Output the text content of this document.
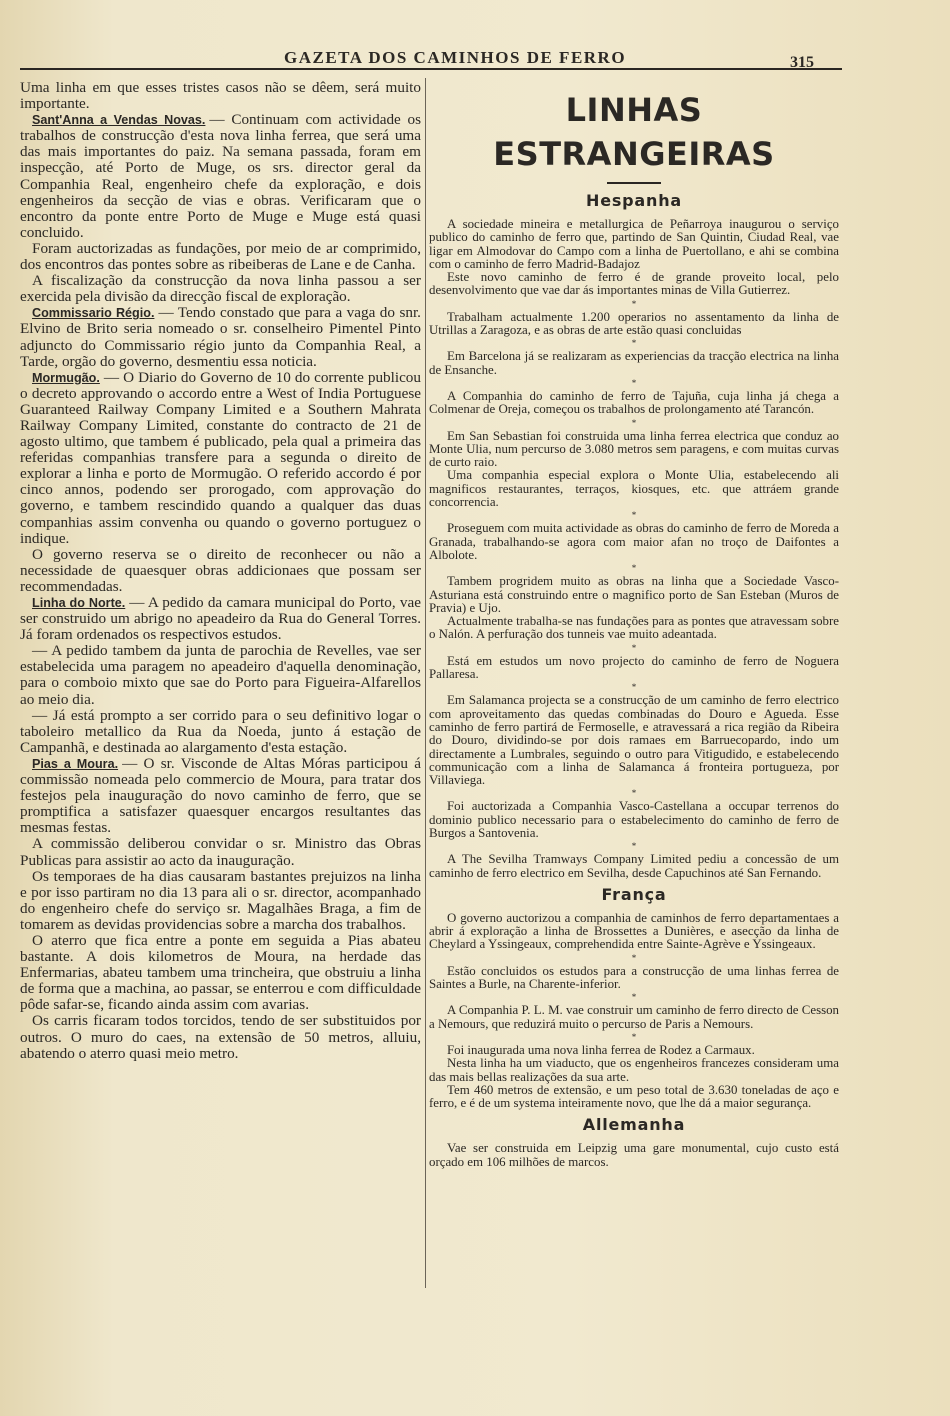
GAZETA DOS CAMINHOS DE FERRO	315

Uma linha em que esses tristes casos não se dêem, será muito importante.

Sant'Anna a Vendas Novas. — Continuam com actividade os trabalhos de construcção d'esta nova linha ferrea, que será uma das mais importantes do paiz. Na semana passada, foram em inspecção, até Porto de Muge, os srs. director geral da Companhia Real, engenheiro chefe da exploração, e dois engenheiros da secção de vias e obras. Verificaram que o encontro da ponte entre Porto de Muge e Muge está quasi concluido.

Foram auctorizadas as fundações, por meio de ar comprimido, dos encontros das pontes sobre as ribeiberas de Lane e de Canha.

A fiscalização da construcção da nova linha passou a ser exercida pela divisão da direcção fiscal de exploração.

Commissario Régio. — Tendo constado que para a vaga do snr. Elvino de Brito seria nomeado o sr. conselheiro Pimentel Pinto adjuncto do Commissario régio junto da Companhia Real, a Tarde, orgão do governo, desmentiu essa noticia.

Mormugão. — O Diario do Governo de 10 do corrente publicou o decreto approvando o accordo entre a West of India Portuguese Guaranteed Railway Company Limited e a Southern Mahrata Railway Company Limited, constante do contracto de 21 de agosto ultimo, que tambem é publicado, pela qual a primeira das referidas companhias transfere para a segunda o direito de explorar a linha e porto de Mormugão. O referido accordo é por cinco annos, podendo ser prorogado, com approvação do governo, e tambem rescindido quando a qualquer das duas companhias assim convenha ou quando o governo portuguez o indique.

O governo reserva se o direito de reconhecer ou não a necessidade de quaesquer obras addicionaes que possam ser recommendadas.

Linha do Norte. — A pedido da camara municipal do Porto, vae ser construido um abrigo no apeadeiro da Rua do General Torres. Já foram ordenados os respectivos estudos.

— A pedido tambem da junta de parochia de Revelles, vae ser estabelecida uma paragem no apeadeiro d'aquella denominação, para o comboio mixto que sae do Porto para Figueira-Alfarellos ao meio dia.

— Já está prompto a ser corrido para o seu definitivo logar o taboleiro metallico da Rua da Noeda, junto á estação de Campanhã, e destinada ao alargamento d'esta estação.

Pias a Moura. — O sr. Visconde de Altas Móras participou á commissão nomeada pelo commercio de Moura, para tratar dos festejos pela inauguração do novo caminho de ferro, que se promptifica a satisfazer quaesquer encargos resultantes das mesmas festas.

A commissão deliberou convidar o sr. Ministro das Obras Publicas para assistir ao acto da inauguração.

Os temporaes de ha dias causaram bastantes prejuizos na linha e por isso partiram no dia 13 para ali o sr. director, acompanhado do engenheiro chefe do serviço sr. Magalhães Braga, a fim de tomarem as devidas providencias sobre a marcha dos trabalhos.

O aterro que fica entre a ponte em seguida a Pias abateu bastante. A dois kilometros de Moura, na herdade das Enfermarias, abateu tambem uma trincheira, que obstruiu a linha de forma que a machina, ao passar, se enterrou e com difficuldade pôde safar-se, ficando ainda assim com avarias.

Os carris ficaram todos torcidos, tendo de ser substituidos por outros. O muro do caes, na extensão de 50 metros, alluiu, abatendo o aterro quasi meio metro.

LINHAS ESTRANGEIRAS
Hespanha

A sociedade mineira e metallurgica de Peñarroya inaugurou o serviço publico do caminho de ferro que, partindo de San Quintin, Ciudad Real, vae ligar em Almodovar do Campo com a linha de Puertollano, e ahi se combina com o caminho de ferro Madrid-Badajoz

Este novo caminho de ferro é de grande proveito local, pelo desenvolvimento que vae dar ás importantes minas de Villa Gutierrez.

*

Trabalham actualmente 1.200 operarios no assentamento da linha de Utrillas a Zaragoza, e as obras de arte estão quasi concluidas

*

Em Barcelona já se realizaram as experiencias da tracção electrica na linha de Ensanche.

*

A Companhia do caminho de ferro de Tajuña, cuja linha já chega a Colmenar de Oreja, começou os trabalhos de prolongamento até Tarancón.

*

Em San Sebastian foi construida uma linha ferrea electrica que conduz ao Monte Ulia, num percurso de 3.080 metros sem paragens, e com muitas curvas de curto raio.

Uma companhia especial explora o Monte Ulia, estabelecendo ali magnificos restaurantes, terraços, kiosques, etc. que attráem grande concorrencia.

*

Proseguem com muita actividade as obras do caminho de ferro de Moreda a Granada, trabalhando-se agora com maior afan no troço de Daifontes a Albolote.

*

Tambem progridem muito as obras na linha que a Sociedade Vasco-Asturiana está construindo entre o magnifico porto de San Esteban (Muros de Pravia) e Ujo.

Actualmente trabalha-se nas fundações para as pontes que atravessam sobre o Nalón. A perfuração dos tunneis vae muito adeantada.

*

Está em estudos um novo projecto do caminho de ferro de Noguera Pallaresa.

*

Em Salamanca projecta se a construcção de um caminho de ferro electrico com aproveitamento das quedas combinadas do Douro e Agueda. Esse caminho de ferro partirá de Fermoselle, e atravessará a rica região da Ribeira do Douro, dividindo-se por dois ramaes em Barruecopardo, indo um directamente a Lumbrales, seguindo o outro para Vitigudido, e estabelecendo communicação com a linha de Salamanca á fronteira portugueza, por Villaviega.

*

Foi auctorizada a Companhia Vasco-Castellana a occupar terrenos do dominio publico necessario para o estabelecimento do caminho de ferro de Burgos a Santovenia.

*

A The Sevilha Tramways Company Limited pediu a concessão de um caminho de ferro electrico em Sevilha, desde Capuchinos até San Fernando.

França

O governo auctorizou a companhia de caminhos de ferro departamentaes a abrir á exploração a linha de Brossettes a Dunières, e asecção da linha de Cheylard a Yssingeaux, comprehendida entre Sainte-Agrève e Yssingeaux.

*

Estão concluidos os estudos para a construcção de uma linhas ferrea de Saintes a Burle, na Charente-inferior.

*

A Companhia P. L. M. vae construir um caminho de ferro directo de Cesson a Nemours, que reduzirá muito o percurso de Paris a Nemours.

*

Foi inaugurada uma nova linha ferrea de Rodez a Carmaux.

Nesta linha ha um viaducto, que os engenheiros francezes consideram uma das mais bellas realizações da sua arte.

Tem 460 metros de extensão, e um peso total de 3.630 toneladas de aço e ferro, e é de um systema inteiramente novo, que lhe dá a maior segurança.

Allemanha

Vae ser construida em Leipzig uma gare monumental, cujo custo está orçado em 106 milhões de marcos.
